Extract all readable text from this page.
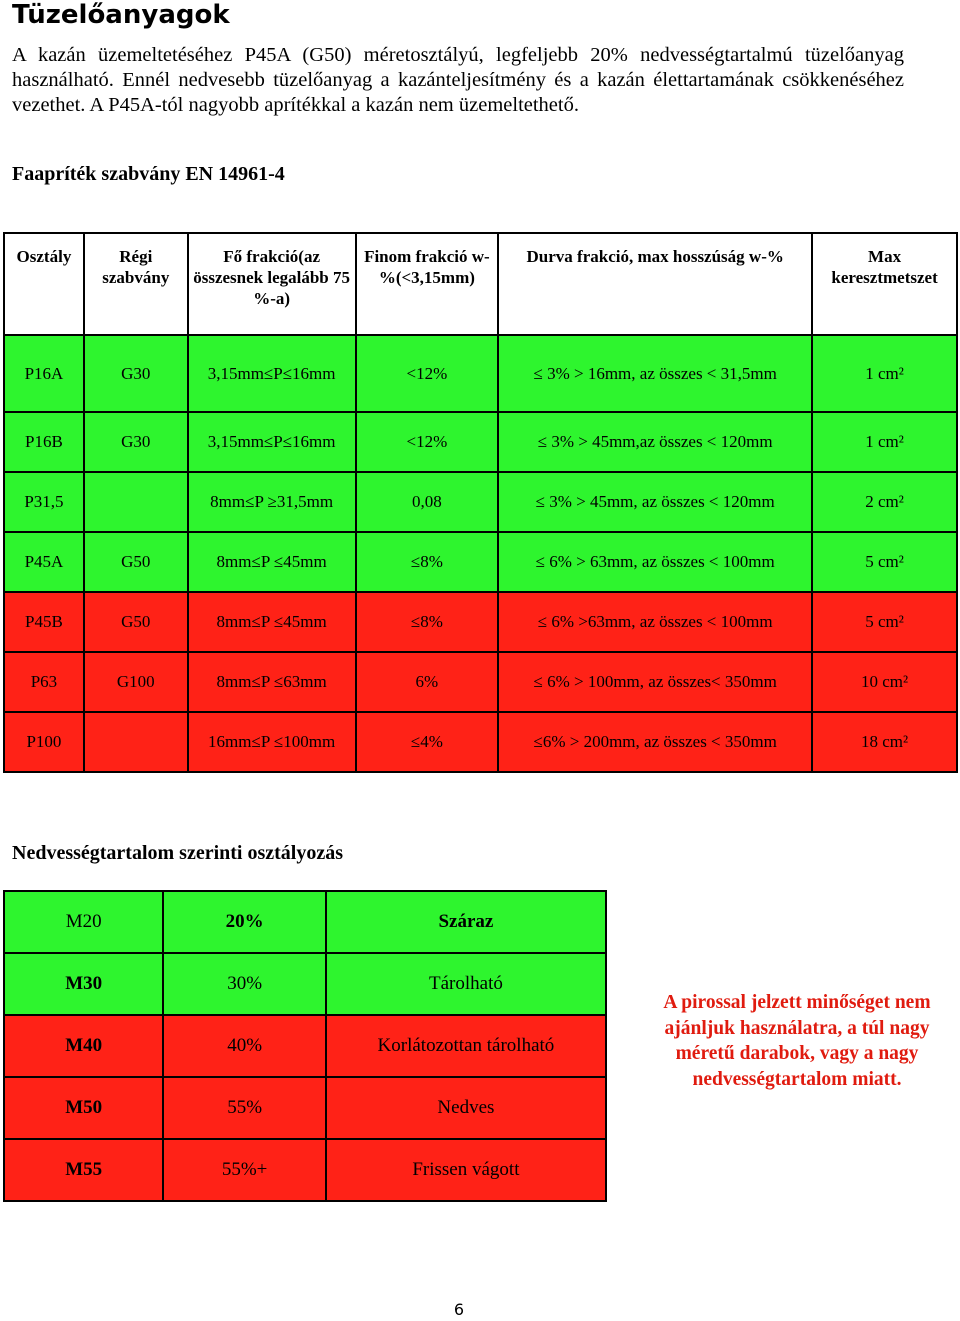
Tüzelőanyagok

A kazán üzemeltetéséhez P45A (G50) méretosztályú, legfeljebb 20% nedvességtartalmú tüzelőanyag használható. Ennél nedvesebb tüzelőanyag a kazánteljesítmény és a kazán élettartamának csökkenéséhez vezethet. A P45A-tól nagyobb aprítékkal a kazán nem üzemeltethető.

Faapríték szabvány EN 14961-4

Osztály	Régi szabvány	Fő frakció(az összesnek legalább 75 %-a)	Finom frakció w-%(<3,15mm)	Durva frakció, max hosszúság w-%	Max keresztmetszet
P16A	G30	3,15mm≤P≤16mm	<12%	≤ 3% > 16mm, az összes < 31,5mm	1 cm²
P16B	G30	3,15mm≤P≤16mm	<12%	≤ 3% > 45mm,az összes < 120mm	1 cm²
P31,5		8mm≤P ≥31,5mm	0,08	≤ 3% > 45mm, az összes < 120mm	2 cm²
P45A	G50	8mm≤P ≤45mm	≤8%	≤ 6% > 63mm, az összes < 100mm	5 cm²
P45B	G50	8mm≤P ≤45mm	≤8%	≤ 6% >63mm, az összes < 100mm	5 cm²
P63	G100	8mm≤P ≤63mm	6%	≤ 6% > 100mm, az összes< 350mm	10 cm²
P100		16mm≤P ≤100mm	≤4%	≤6% > 200mm, az összes < 350mm	18 cm²

Nedvességtartalom szerinti osztályozás

M20	20%	Száraz
M30	30%	Tárolható
M40	40%	Korlátozottan tárolható
M50	55%	Nedves
M55	55%+	Frissen vágott

A pirossal jelzett minőséget nem ajánljuk használatra, a túl nagy méretű darabok, vagy a nagy nedvességtartalom miatt.

6
